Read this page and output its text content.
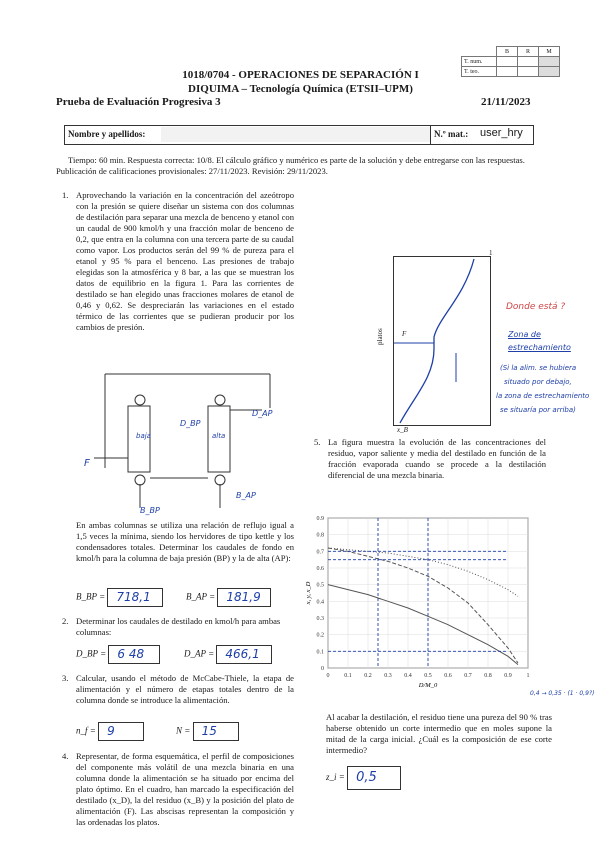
	B	R	M
T. num.			
T. teo.			
1018/0704 - OPERACIONES DE SEPARACIÓN I
DIQUIMA – Tecnología Química (ETSII–UPM)
Prueba de Evaluación Progresiva 3	21/11/2023
Nombre y apellidos:	N.º mat.: user_hry
Tiempo: 60 min. Respuesta correcta: 10/8. El cálculo gráfico y numérico es parte de la solución y debe entregarse con las respuestas. Publicación de calificaciones provisionales: 27/11/2023. Revisión: 29/11/2023.
1. Aprovechando la variación en la concentración del azeótropo con la presión se quiere diseñar un sistema con dos columnas de destilación para separar una mezcla de benceno y etanol con un caudal de 900 kmol/h y una fracción molar de benceno de 0,2, que entra en la columna con una tercera parte de su caudal como vapor. Los productos serán del 99 % de pureza para el etanol y 95 % para el benceno. Las presiones de trabajo elegidas son la atmosférica y 8 bar, a las que se muestran los datos de equilibrio en la figura 1. Para las corrientes de destilado se han elegido unas fracciones molares de etanol de 0,46 y 0,62. Se despreciarán las variaciones en el estado térmico de las corrientes que se pudieran producir por los cambios de presión.
F
baja	alta
D_AP
D_BP
B_BP
B_AP
En ambas columnas se utiliza una relación de reflujo igual a 1,5 veces la mínima, siendo los hervidores de tipo kettle y los condensadores totales. Determinar los caudales de fondo en kmol/h para la columna de baja presión (BP) y la de alta (AP):
B_BP = 718,1	B_AP = 181,9
2. Determinar los caudales de destilado en kmol/h para ambas columnas:
D_BP = 6 48	D_AP = 466,1
3. Calcular, usando el método de McCabe-Thiele, la etapa de alimentación y el número de etapas totales dentro de la columna donde se introduce la alimentación.
n_f = 9	N = 15
4. Representar, de forma esquemática, el perfil de composiciones del componente más volátil de una mezcla binaria en una columna donde la alimentación se ha situado por encima del plato óptimo. En el cuadro, han marcado la especificación del destilado (x_D), la del residuo (x_B) y la posición del plato de alimentación (F). Las abscisas representan la composición y las ordenadas los platos.
1
x_B
F
platos
Donde está ?
Zona de
estrechamiento
(Si la alim. se hubiera
situado por debajo,
la zona de estrechamiento
se situaría por arriba)
5. La figura muestra la evolución de las concentraciones del residuo, vapor saliente y media del destilado en función de la fracción evaporada cuando se procede a la destilación diferencial de una mezcla binaria.
0 0.1 0.2 0.3 0.4 0.5 0.6 0.7 0.8 0.9 1
0
0.1
0.2
0.3
0.4
0.5
0.6
0.7
0.8
0.9
D/M_0
x, y, x_D
Al acabar la destilación, el residuo tiene una pureza del 90 % tras haberse obtenido un corte intermedio que en moles supone la mitad de la carga inicial. ¿Cuál es la composición de ese corte intermedio?
0,4 → 0,35 · (1 · 0,9?)
z_i = 0,5
